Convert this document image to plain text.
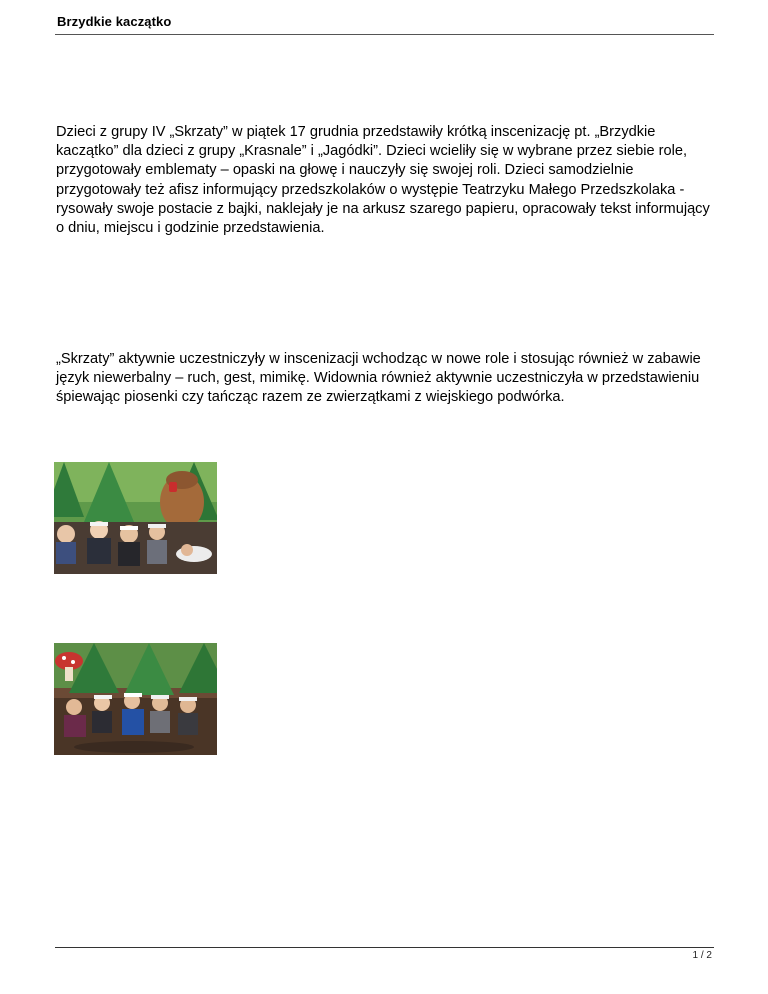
Brzydkie kaczątko

Dzieci z grupy IV „Skrzaty” w piątek 17 grudnia przedstawiły krótką inscenizację pt. „Brzydkie kaczątko” dla dzieci z grupy „Krasnale” i „Jagódki”. Dzieci wcieliły się w wybrane przez siebie role, przygotowały emblematy – opaski na głowę i nauczyły się swojej roli. Dzieci samodzielnie przygotowały też afisz informujący przedszkolaków o występie Teatrzyku Małego Przedszkolaka - rysowały swoje postacie z bajki, naklejały je na arkusz szarego papieru, opracowały tekst informujący o dniu, miejscu i godzinie przedstawienia.

„Skrzaty” aktywnie uczestniczyły w inscenizacji wchodząc w nowe role i stosując również w zabawie język niewerbalny – ruch, gest, mimikę. Widownia również aktywnie uczestniczyła w przedstawieniu śpiewając piosenki czy tańcząc razem ze zwierzątkami z wiejskiego podwórka.

1 / 2
